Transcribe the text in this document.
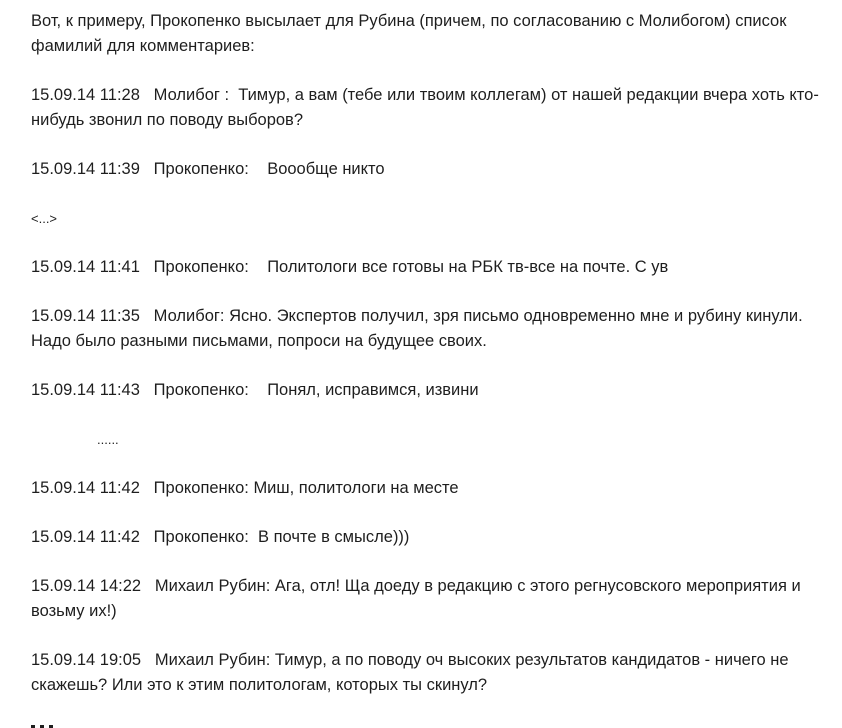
Вот, к примеру, Прокопенко высылает для Рубина (причем, по согласованию с Молибогом) список фамилий для комментариев:

15.09.14 11:28 Молибог : Тимур, а вам (тебе или твоим коллегам) от нашей редакции вчера хоть кто-нибудь звонил по поводу выборов?

15.09.14 11:39 Прокопенко: Воообще никто

<...>

15.09.14 11:41 Прокопенко: Политологи все готовы на РБК тв-все на почте. С ув

15.09.14 11:35 Молибог: Ясно. Экспертов получил, зря письмо одновременно мне и рубину кинули. Надо было разными письмами, попроси на будущее своих.

15.09.14 11:43 Прокопенко: Понял, исправимся, извини

......

15.09.14 11:42 Прокопенко: Миш, политологи на месте

15.09.14 11:42 Прокопенко: В почте в смысле)))

15.09.14 14:22 Михаил Рубин: Ага, отл! Ща доеду в редакцию с этого регнусовского мероприятия и возьму их!)

15.09.14 19:05 Михаил Рубин: Тимур, а по поводу оч высоких результатов кандидатов - ничего не скажешь? Или это к этим политологам, которых ты скинул?
